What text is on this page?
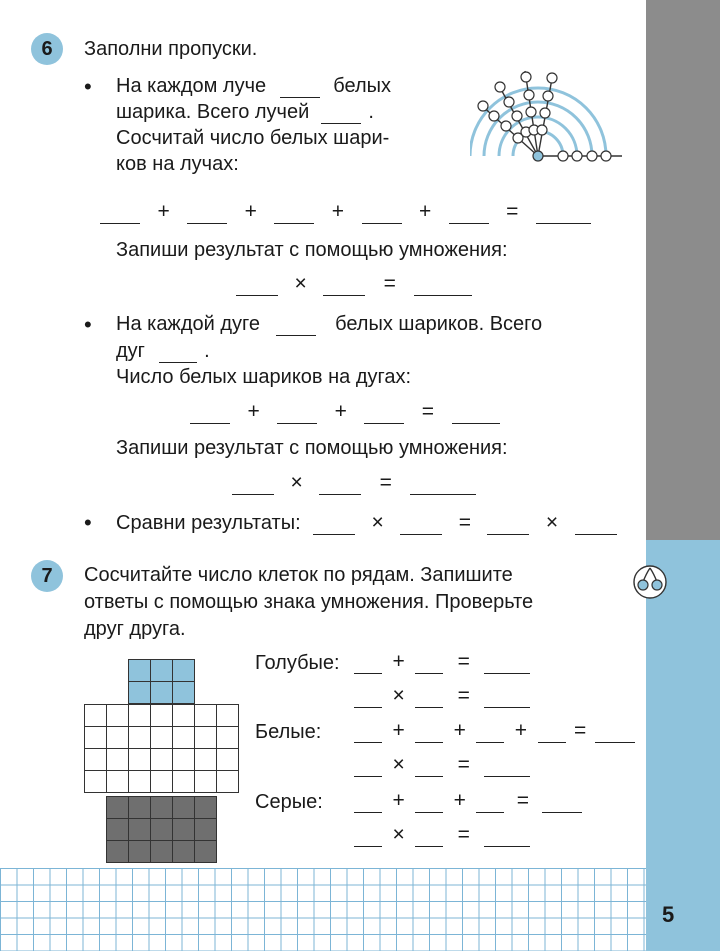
5
6	Заполни пропуски.
• На каждом луче	белых
шарика. Всего лучей	.
Сосчитай число белых шари-
ков на лучах:
+	+	+	+	=
Запиши результат с помощью умножения:
×	=
• На каждой дуге	белых шариков. Всего
дуг	.
Число белых шариков на дугах:
+	+	=
Запиши результат с помощью умножения:
×	=
• Сравни результаты:	×	=	×
7	Сосчитайте число клеток по рядам. Запишите
ответы с помощью знака умножения. Проверьте
друг друга.

Голубые:	+	=
×	=
Белые:	+ + + =
×	=
Серые:	+ + =
×	=
